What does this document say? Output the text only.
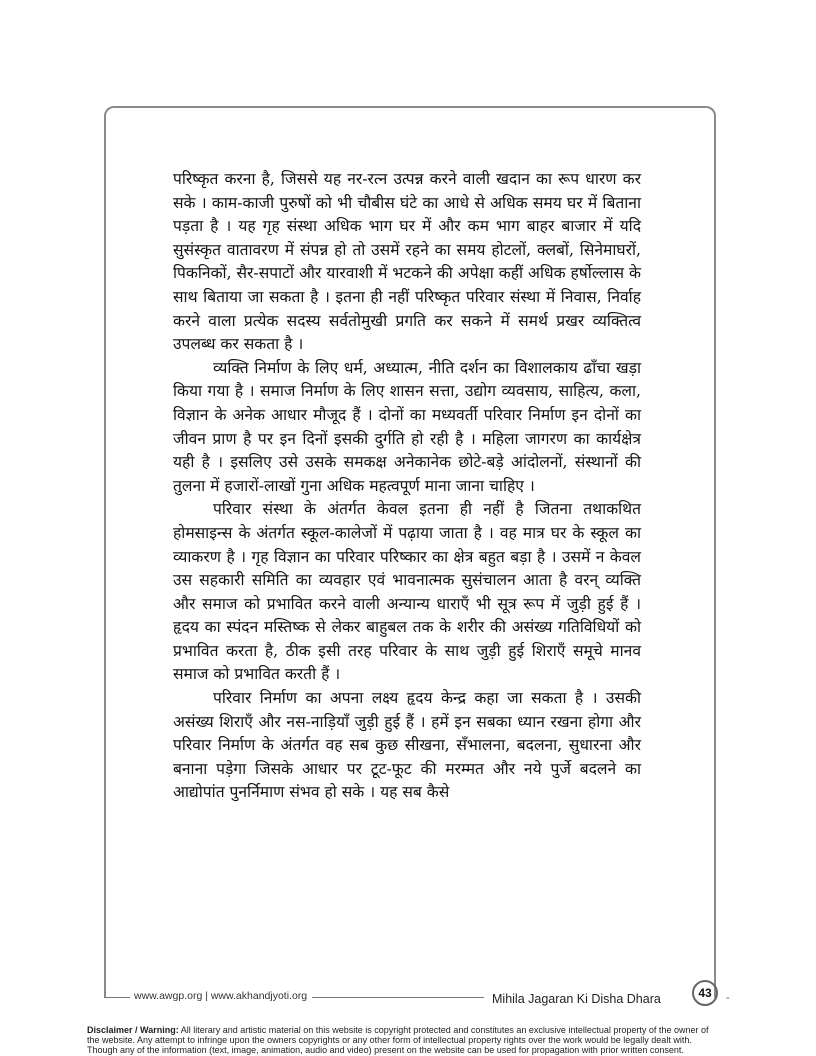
परिष्कृत करना है, जिससे यह नर-रत्न उत्पन्न करने वाली खदान का रूप धारण कर सके । काम-काजी पुरुषों को भी चौबीस घंटे का आधे से अधिक समय घर में बिताना पड़ता है । यह गृह संस्था अधिक भाग घर में और कम भाग बाहर बाजार में यदि सुसंस्कृत वातावरण में संपन्न हो तो उसमें रहने का समय होटलों, क्लबों, सिनेमाघरों, पिकनिकों, सैर-सपाटों और यारवाशी में भटकने की अपेक्षा कहीं अधिक हर्षोल्लास के साथ बिताया जा सकता है । इतना ही नहीं परिष्कृत परिवार संस्था में निवास, निर्वाह करने वाला प्रत्येक सदस्य सर्वतोमुखी प्रगति कर सकने में समर्थ प्रखर व्यक्तित्व उपलब्ध कर सकता है ।

व्यक्ति निर्माण के लिए धर्म, अध्यात्म, नीति दर्शन का विशालकाय ढाँचा खड़ा किया गया है । समाज निर्माण के लिए शासन सत्ता, उद्योग व्यवसाय, साहित्य, कला, विज्ञान के अनेक आधार मौजूद हैं । दोनों का मध्यवर्ती परिवार निर्माण इन दोनों का जीवन प्राण है पर इन दिनों इसकी दुर्गति हो रही है । महिला जागरण का कार्यक्षेत्र यही है । इसलिए उसे उसके समकक्ष अनेकानेक छोटे-बड़े आंदोलनों, संस्थानों की तुलना में हजारों-लाखों गुना अधिक महत्वपूर्ण माना जाना चाहिए ।

परिवार संस्था के अंतर्गत केवल इतना ही नहीं है जितना तथाकथित होमसाइन्स के अंतर्गत स्कूल-कालेजों में पढ़ाया जाता है । वह मात्र घर के स्कूल का व्याकरण है । गृह विज्ञान का परिवार परिष्कार का क्षेत्र बहुत बड़ा है । उसमें न केवल उस सहकारी समिति का व्यवहार एवं भावनात्मक सुसंचालन आता है वरन् व्यक्ति और समाज को प्रभावित करने वाली अन्यान्य धाराएँ भी सूत्र रूप में जुड़ी हुई हैं । हृदय का स्पंदन मस्तिष्क से लेकर बाहुबल तक के शरीर की असंख्य गतिविधियों को प्रभावित करता है, ठीक इसी तरह परिवार के साथ जुड़ी हुई शिराएँ समूचे मानव समाज को प्रभावित करती हैं ।

परिवार निर्माण का अपना लक्ष्य हृदय केन्द्र कहा जा सकता है । उसकी असंख्य शिराएँ और नस-नाड़ियाँ जुड़ी हुई हैं । हमें इन सबका ध्यान रखना होगा और परिवार निर्माण के अंतर्गत वह सब कुछ सीखना, सँभालना, बदलना, सुधारना और बनाना पड़ेगा जिसके आधार पर टूट-फूट की मरम्मत और नये पुर्जे बदलने का आद्योपांत पुनर्निमाण संभव हो सके । यह सब कैसे

www.awgp.org | www.akhandjyoti.org	Mihila Jagaran Ki Disha Dhara	43 -
Disclaimer / Warning: All literary and artistic material on this website is copyright protected and constitutes an exclusive intellectual property of the owner of the website. Any attempt to infringe upon the owners copyrights or any other form of intellectual property rights over the work would be legally dealt with. Though any of the information (text, image, animation, audio and video) present on the website can be used for propagation with prior written consent.
